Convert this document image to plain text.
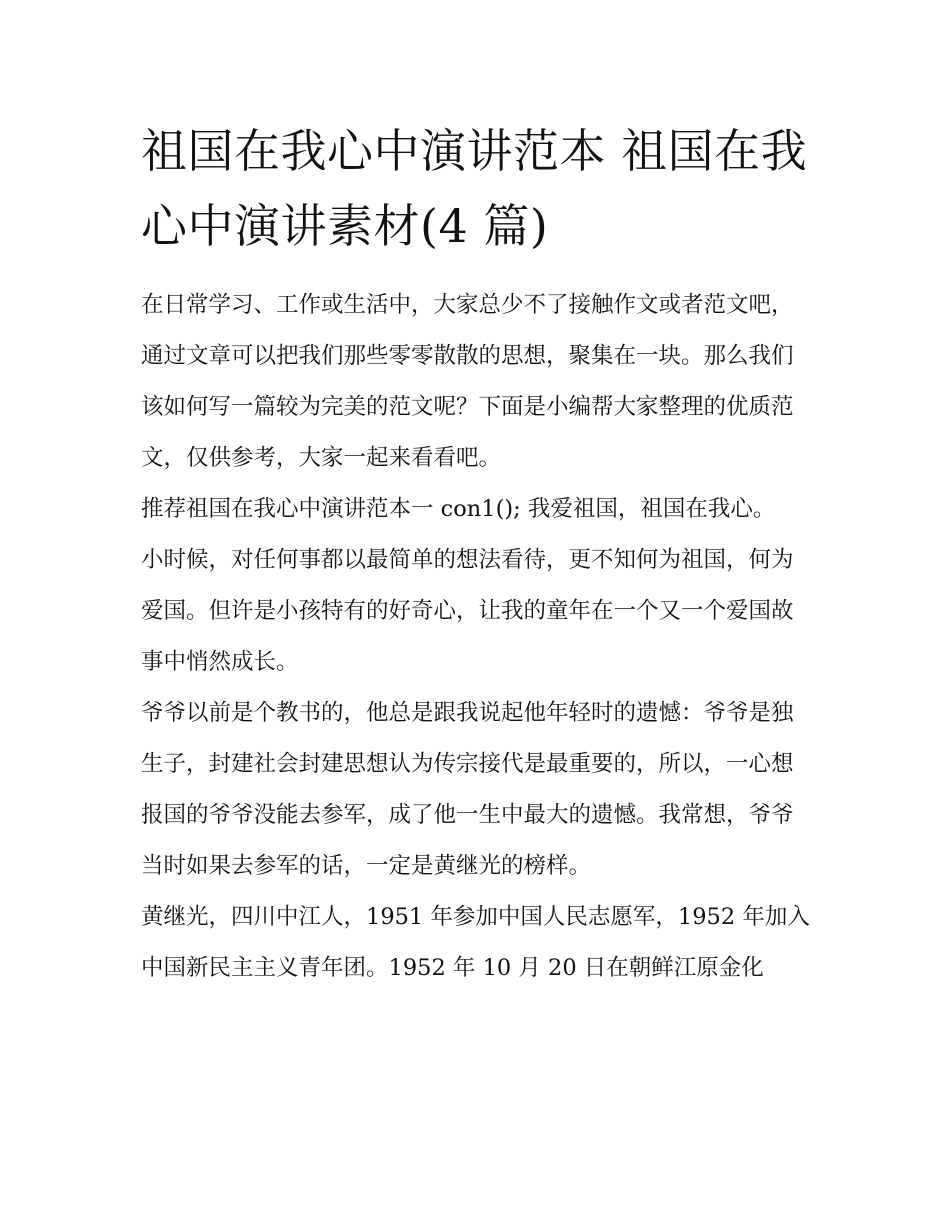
祖国在我心中演讲范本 祖国在我心中演讲素材(4 篇)

在日常学习、工作或生活中，大家总少不了接触作文或者范文吧，通过文章可以把我们那些零零散散的思想，聚集在一块。那么我们该如何写一篇较为完美的范文呢？下面是小编帮大家整理的优质范文，仅供参考，大家一起来看看吧。

推荐祖国在我心中演讲范本一 con1(); 我爱祖国，祖国在我心。

小时候，对任何事都以最简单的想法看待，更不知何为祖国，何为爱国。但许是小孩特有的好奇心，让我的童年在一个又一个爱国故事中悄然成长。

爷爷以前是个教书的，他总是跟我说起他年轻时的遗憾：爷爷是独生子，封建社会封建思想认为传宗接代是最重要的，所以，一心想报国的爷爷没能去参军，成了他一生中最大的遗憾。我常想，爷爷当时如果去参军的话，一定是黄继光的榜样。

黄继光，四川中江人，1951 年参加中国人民志愿军，1952 年加入中国新民主主义青年团。1952 年 10 月 20 日在朝鲜江原金化
